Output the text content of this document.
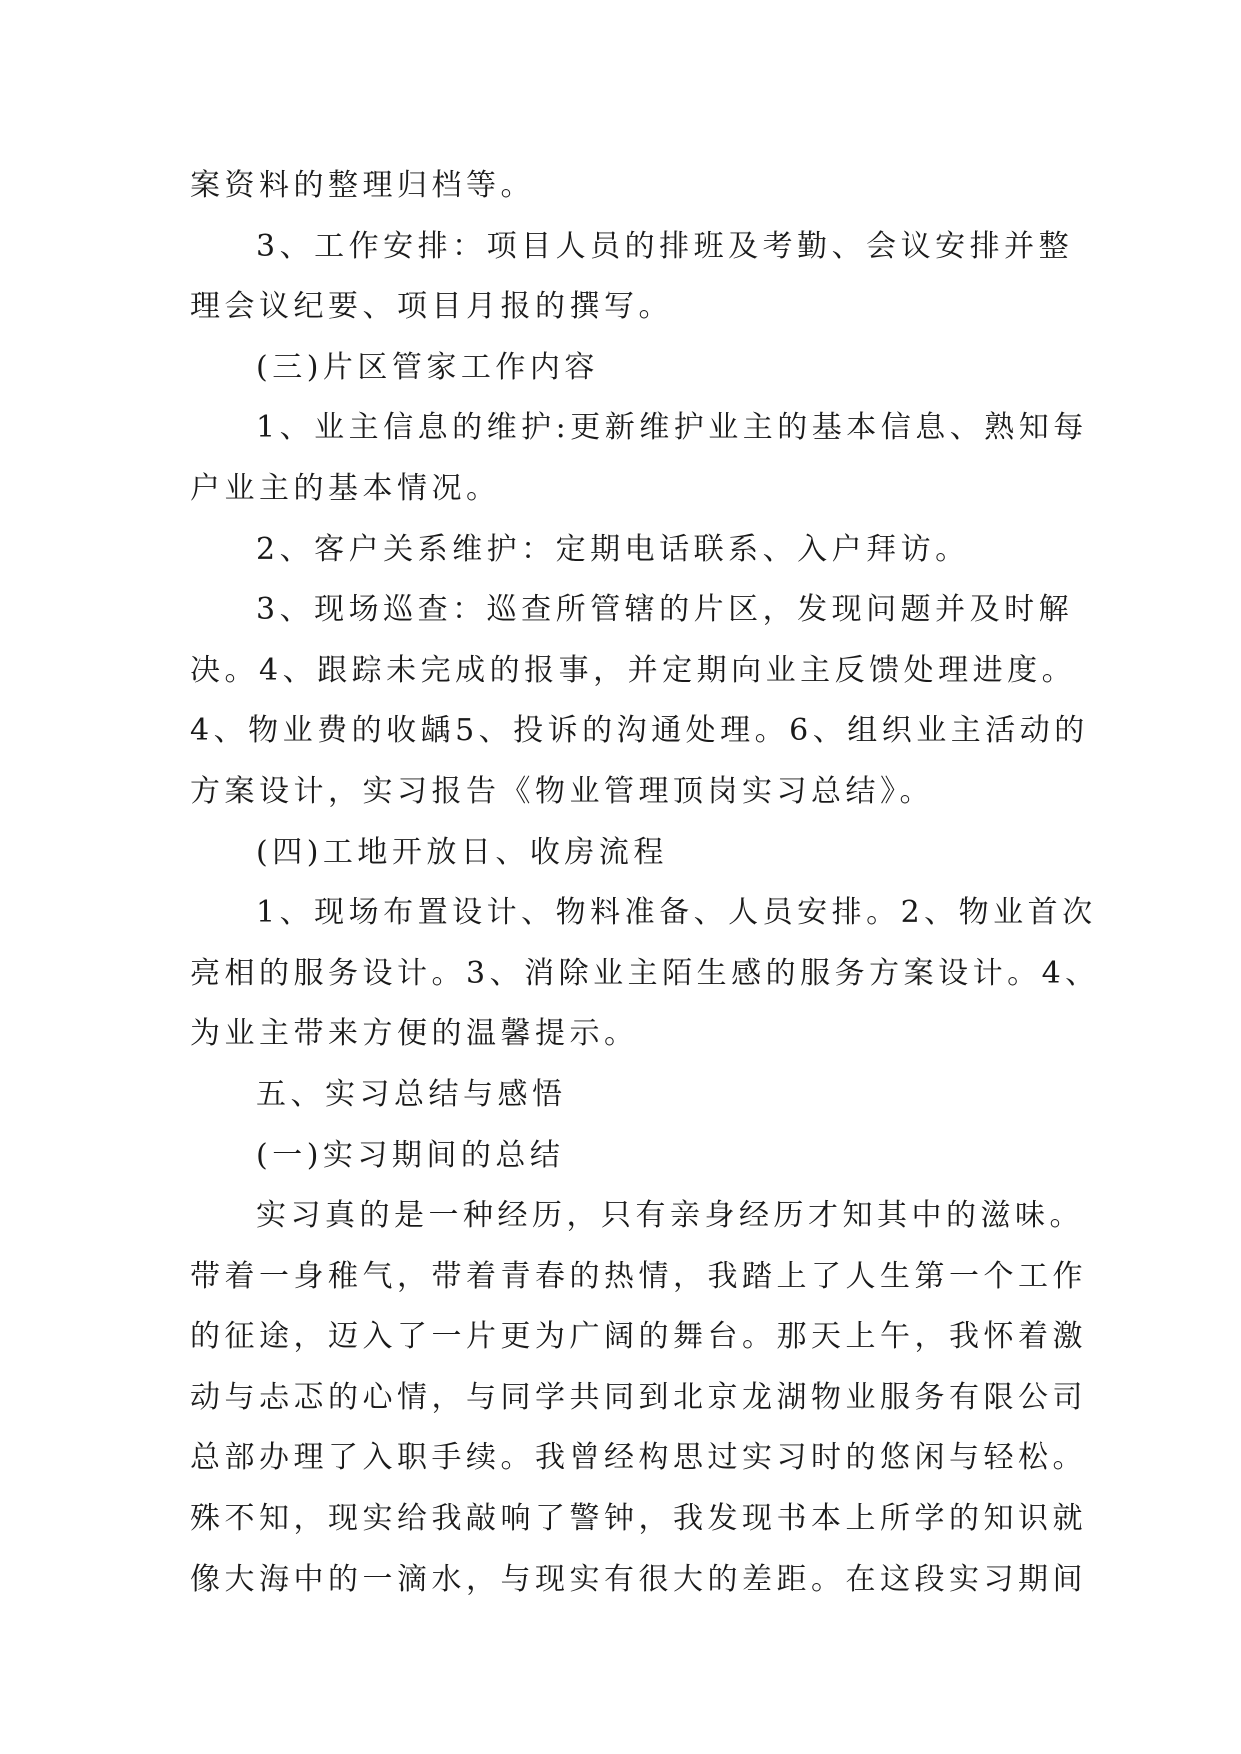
案资料的整理归档等。
3、工作安排：项目人员的排班及考勤、会议安排并整
理会议纪要、项目月报的撰写。
(三)片区管家工作内容
1、业主信息的维护:更新维护业主的基本信息、熟知每
户业主的基本情况。
2、客户关系维护：定期电话联系、入户拜访。
3、现场巡查：巡查所管辖的片区，发现问题并及时解
决。4、跟踪未完成的报事，并定期向业主反馈处理进度。
4、物业费的收龋5、投诉的沟通处理。6、组织业主活动的
方案设计，实习报告《物业管理顶岗实习总结》。
(四)工地开放日、收房流程
1、现场布置设计、物料准备、人员安排。2、物业首次
亮相的服务设计。3、消除业主陌生感的服务方案设计。4、
为业主带来方便的温馨提示。
五、实习总结与感悟
(一)实习期间的总结
实习真的是一种经历，只有亲身经历才知其中的滋味。
带着一身稚气，带着青春的热情，我踏上了人生第一个工作
的征途，迈入了一片更为广阔的舞台。那天上午，我怀着激
动与忐忑的心情，与同学共同到北京龙湖物业服务有限公司
总部办理了入职手续。我曾经构思过实习时的悠闲与轻松。
殊不知，现实给我敲响了警钟，我发现书本上所学的知识就
像大海中的一滴水，与现实有很大的差距。在这段实习期间
